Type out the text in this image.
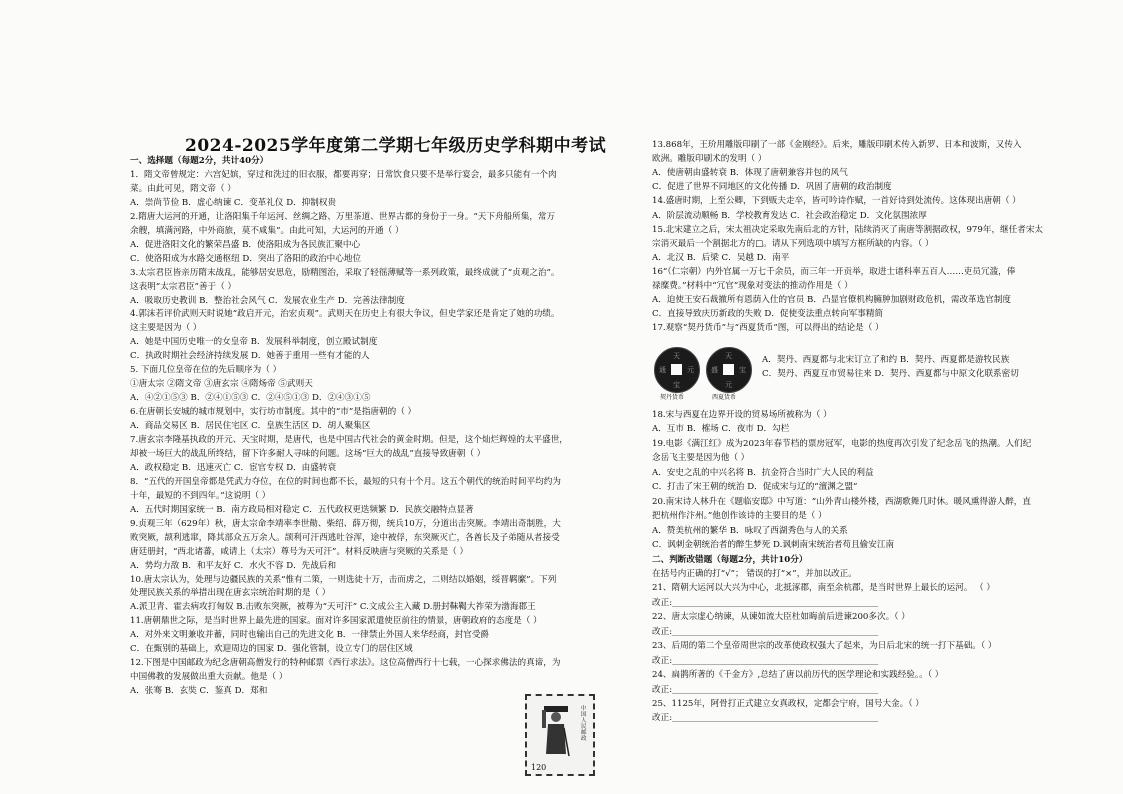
2024-2025学年度第二学期七年级历史学科期中考试
一、选择题（每题2分，共计40分）
1．隋文帝曾规定：六宫妃嫔，穿过和洗过的旧衣服，都要再穿；日常饮食只要不是举行宴会，最多只能有一个肉
菜。由此可见，隋文帝（ ）
A．崇尚节俭 B．虚心纳谏 C．变革礼仪 D．抑制权贵
2.隋唐大运河的开通，让洛阳集千年运河、丝绸之路、万里茶道、世界古都的身份于一身。“天下舟船所集，常万
余艘，填满河路，中外商旅，莫不咸集”。由此可知，大运河的开通（ ）
A．促进洛阳文化的繁荣昌盛 B．使洛阳成为各民族汇聚中心
C．使洛阳成为水路交通枢纽 D．突出了洛阳的政治中心地位
3.太宗君臣皆亲历隋末战乱，能够居安思危，励精图治，采取了轻徭薄赋等一系列政策，最终成就了“贞观之治”。
这表明“太宗君臣”善于（ ）
A．吸取历史教训 B．整治社会风气 C．发展农业生产 D．完善法律制度
4.郭沫若评价武则天时说她“政启开元，治宏贞观”。武则天在历史上有很大争议，但史学家还是肯定了她的功绩。
这主要是因为（ ）
A．她是中国历史唯一的女皇帝 B．发展科举制度，创立殿试制度
C．执政时期社会经济持续发展 D．她善于重用一些有才能的人
5. 下面几位皇帝在位的先后顺序为（ ）
①唐太宗 ②隋文帝 ③唐玄宗 ④隋炀帝 ⑤武则天
A．④②①⑤③ B．②④①⑤③ C．②④⑤①③ D．②④③①⑤
6.在唐朝长安城的城市规划中，实行坊市制度。其中的“市”是指唐朝的（ ）
A．商品交易区 B．居民住宅区 C．皇族生活区 D．胡人聚集区
7.唐玄宗李隆基执政的开元、天宝时期，是唐代，也是中国古代社会的黄金时期。但是，这个灿烂辉煌的太平盛世，
却被一场巨大的战乱所终结，留下许多耐人寻味的问题。这场“巨大的战乱”直接导致唐朝（ ）
A．政权稳定 B．迅速灭亡 C．宦官专权 D．由盛转衰
8．“五代的开国皇帝都是凭武力夺位，在位的时间也都不长，最短的只有十个月。这五个朝代的统治时间平均约为
十年，最短的不到四年。”这说明（ ）
A．五代时期国家统一 B．南方政局相对稳定 C．五代政权更迭频繁 D．民族交融特点显著
9.贞观三年（629年）秋，唐太宗命李靖率李世勣、柴绍、薛万彻，统兵10万，分道出击突厥。李靖出奇制胜，大
败突厥，颉利逃窜，降其部众五万余人。颉利可汗西逃吐谷浑，途中被俘，东突厥灭亡，各酋长及子弟随从者接受
唐廷册封，“西北诸蕃，咸请上（太宗）尊号为天可汗”。材料反映唐与突厥的关系是（ ）
A．势均力敌 B．和平友好 C．水火不容 D．先战后和
10.唐太宗认为，处理与边疆民族的关系“惟有二策，一则选徒十万，击而虏之，二则结以婚姻，绥晋羁縻”。下列
处理民族关系的举措出现在唐玄宗统治时期的是（ ）
A.派卫青、霍去病攻打匈奴 B.击败东突厥，被尊为“天可汗” C.文成公主入藏 D.册封靺鞨大祚荣为渤海郡王
11.唐朝鼎世之际，是当时世界上最先进的国家。面对许多国家派遣使臣前往的情景，唐朝政府的态度是（ ）
A．对外来文明兼收并蓄，同时也输出自己的先进文化 B．一律禁止外国人来华经商，封官受爵
C．在甄别的基础上，欢迎周边的国家 D．强化管制，设立专门的居住区域
12.下图是中国邮政为纪念唐朝高僧发行的特种邮票《西行求法》。这位高僧西行十七载，一心探求佛法的真谛，为
中国佛教的发展做出重大贡献。他是（ ）
A．张骞 B．玄奘 C．鉴真 D．郑和
13.868年，王玠用雕版印刷了一部《金刚经》。后来，雕版印刷术传入新罗、日本和波斯，又传入
欧洲。雕版印刷术的发明（ ）
A．使唐朝由盛转衰 B．体现了唐朝兼容并包的风气
C．促进了世界不同地区的文化传播 D．巩固了唐朝的政治制度
14.盛唐时期，上至公卿，下到贩夫走卒，皆可吟诗作赋，一首好诗到处流传。这体现出唐朝（ ）
A．阶层流动顺畅 B．学校教育发达 C．社会政治稳定 D．文化氛围浓厚
15.北宋建立之后，宋太祖决定采取先南后北的方针，陆续消灭了南唐等割据政权，979年，继任者宋太
宗消灭最后一个割据北方的□。请从下列选项中填写方框所缺的内容。（ ）
A．北汉 B．后梁 C．吴越 D．南平
16“（仁宗朝）内外官属一万七千余员，而三年一开贡举，取进士诸科率五百人……吏员冗滥，俸
禄糜费。”材料中“冗官”现象对变法的推动作用是（ ）
A．迫使王安石裁撤所有恩荫入仕的官员 B．凸显官僚机构臃肿加剧财政危机，需改革选官制度
C．直接导致庆历新政的失败 D．促使变法重点转向军事精简
17.观察“契丹货币”与“西夏货币”图，可以得出的结论是（ ）
A．契丹、西夏都与北宋订立了和约 B．契丹、西夏都是游牧民族
C．契丹、西夏互市贸易往来 D．契丹、西夏都与中原文化联系密切
18.宋与西夏在边界开设的贸易场所被称为（ ）
A．互市 B．榷场 C．夜市 D．勾栏
19.电影《满江红》成为2023年春节档的票房冠军，电影的热度再次引发了纪念岳飞的热潮。人们纪
念岳飞主要是因为他（ ）
A．安史之乱的中兴名将 B．抗金符合当时广大人民的利益
C．打击了宋王朝的统治 D．促成宋与辽的“澶渊之盟”
20.南宋诗人林升在《题临安邸》中写道：“山外青山楼外楼，西湖歌舞几时休。暖风熏得游人醉，直
把杭州作汴州。”他创作该诗的主要目的是（ ）
A．赞美杭州的繁华 B．咏叹了西湖秀色与人的关系
C．讽刺金朝统治者的醉生梦死 D.讽刺南宋统治者苟且偷安江南
二、判断改错题（每题2分，共计10分）
在括号内正确的打“√”； 错误的打“×”，并加以改正。
21、隋朝大运河以大兴为中心，北抵涿郡，南至余杭郡，是当时世界上最长的运河。 （ ）
改正:________________________________________________
22、唐太宗虚心纳谏，从谏如流大臣杜如晦前后进谏200多次。（ ）
改正:________________________________________________
23、后周的第二个皇帝周世宗的改革使政权强大了起来，为日后北宋的统一打下基础。（ ）
改正:________________________________________________
24、扁鹊所著的《千金方》,总结了唐以前历代的医学理论和实践经验。。（ ）
改正:________________________________________________
25、1125年，阿骨打正式建立女真政权，定都会宁府，国号大金。（ ）
改正:________________________________________________
天
宝
通	元
天
元
盛	宝
契丹货币	西夏货币
120
中国人民邮政
